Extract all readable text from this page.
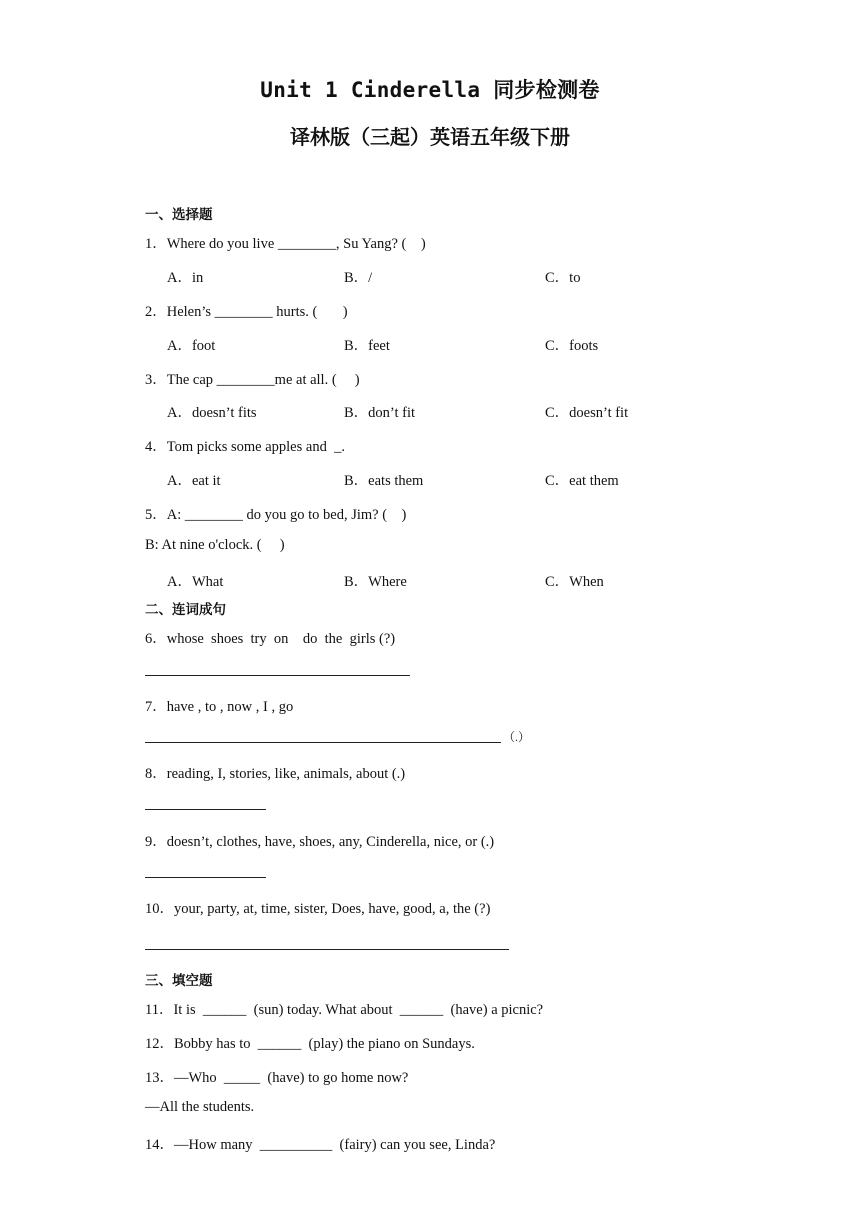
Unit 1 Cinderella 同步检测卷
译林版（三起）英语五年级下册
一、选择题
1．Where do you live ________, Su Yang? (    )
A．in	B．/	C．to
2．Helen’s ________ hurts. (       )
A．foot	B．feet	C．foots
3．The cap ________me at all. (     )
A．doesn’t fits	B．don’t fit	C．doesn’t fit
4．Tom picks some apples and  _.
A．eat it	B．eats them	C．eat them
5．A: ________ do you go to bed, Jim? (    )
B: At nine o'clock. (     )
A．What	B．Where	C．When
二、连词成句
6．whose  shoes  try  on    do  the  girls (?)
7．have , to , now , I , go
（.）
8．reading, I, stories, like, animals, about (.)
9．doesn’t, clothes, have, shoes, any, Cinderella, nice, or (.)
10．your, party, at, time, sister, Does, have, good, a, the (?)
三、填空题
11．It is  ______  (sun) today. What about  ______  (have) a picnic?
12．Bobby has to  ______  (play) the piano on Sundays.
13．—Who  _____  (have) to go home now?
—All the students.
14．—How many  __________  (fairy) can you see, Linda?
